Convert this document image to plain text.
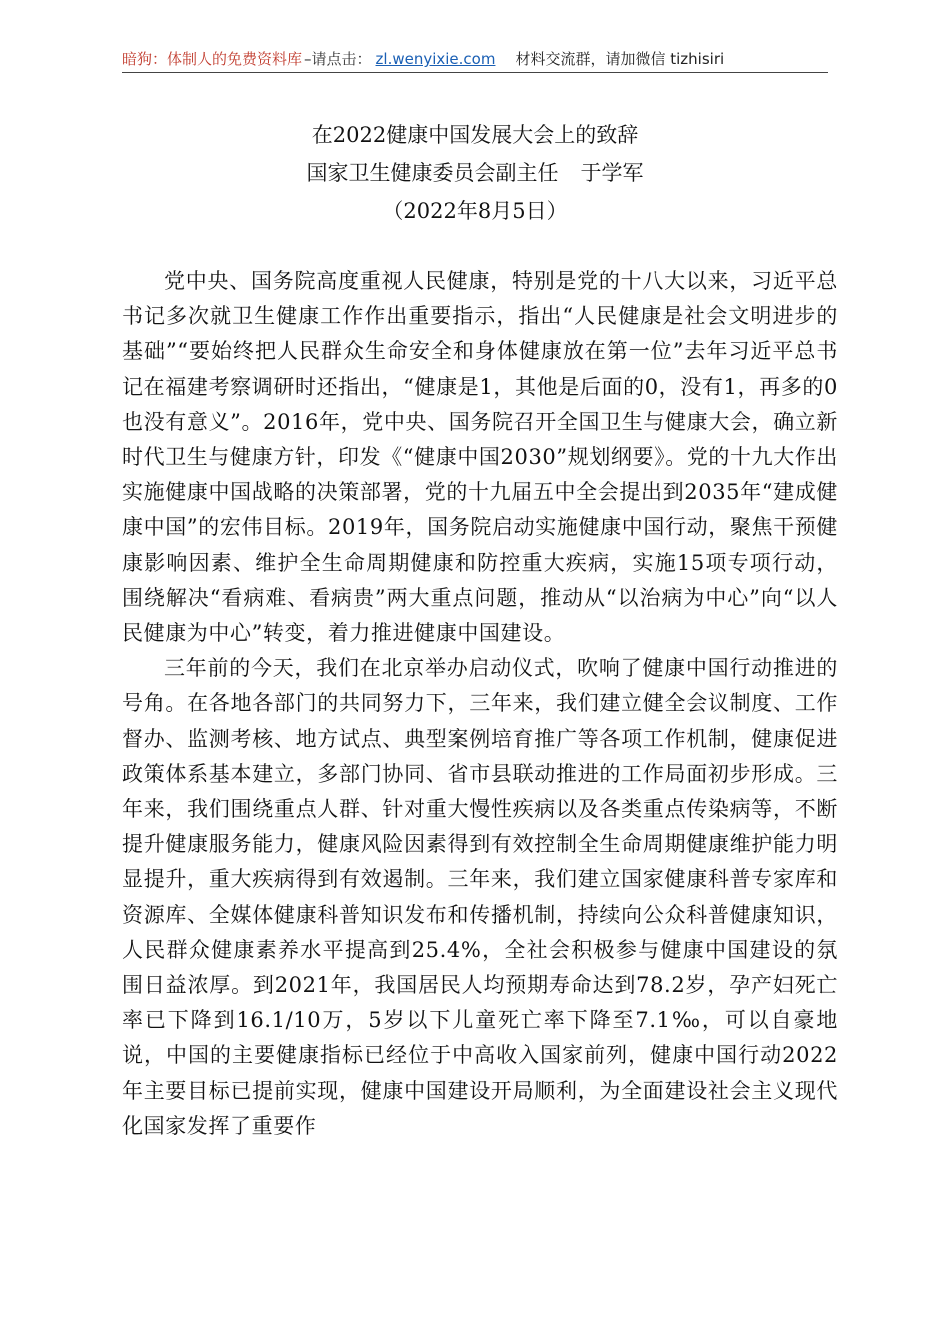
暗狗：体制人的免费资料库 –请点击： zl.wenyixie.com 材料交流群，请加微信 tizhisiri
在2022健康中国发展大会上的致辞
国家卫生健康委员会副主任 于学军
（2022年8月5日）

党中央、国务院高度重视人民健康，特别是党的十八大以来，习近平总书记多次就卫生健康工作作出重要指示，指出“人民健康是社会文明进步的基础”“要始终把人民群众生命安全和身体健康放在第一位”去年习近平总书记在福建考察调研时还指出，“健康是1，其他是后面的0，没有1，再多的0也没有意义”。2016年，党中央、国务院召开全国卫生与健康大会，确立新时代卫生与健康方针，印发《“健康中国2030”规划纲要》。党的十九大作出实施健康中国战略的决策部署，党的十九届五中全会提出到2035年“建成健康中国”的宏伟目标。2019年，国务院启动实施健康中国行动，聚焦干预健康影响因素、维护全生命周期健康和防控重大疾病，实施15项专项行动，围绕解决“看病难、看病贵”两大重点问题，推动从“以治病为中心”向“以人民健康为中心”转变，着力推进健康中国建设。

三年前的今天，我们在北京举办启动仪式，吹响了健康中国行动推进的号角。在各地各部门的共同努力下，三年来，我们建立健全会议制度、工作督办、监测考核、地方试点、典型案例培育推广等各项工作机制，健康促进政策体系基本建立，多部门协同、省市县联动推进的工作局面初步形成。三年来，我们围绕重点人群、针对重大慢性疾病以及各类重点传染病等，不断提升健康服务能力，健康风险因素得到有效控制全生命周期健康维护能力明显提升，重大疾病得到有效遏制。三年来，我们建立国家健康科普专家库和资源库、全媒体健康科普知识发布和传播机制，持续向公众科普健康知识，人民群众健康素养水平提高到25.4%，全社会积极参与健康中国建设的氛围日益浓厚。到2021年，我国居民人均预期寿命达到78.2岁，孕产妇死亡率已下降到16.1/10万，5岁以下儿童死亡率下降至7.1‰，可以自豪地说，中国的主要健康指标已经位于中高收入国家前列，健康中国行动2022年主要目标已提前实现，健康中国建设开局顺利，为全面建设社会主义现代化国家发挥了重要作
